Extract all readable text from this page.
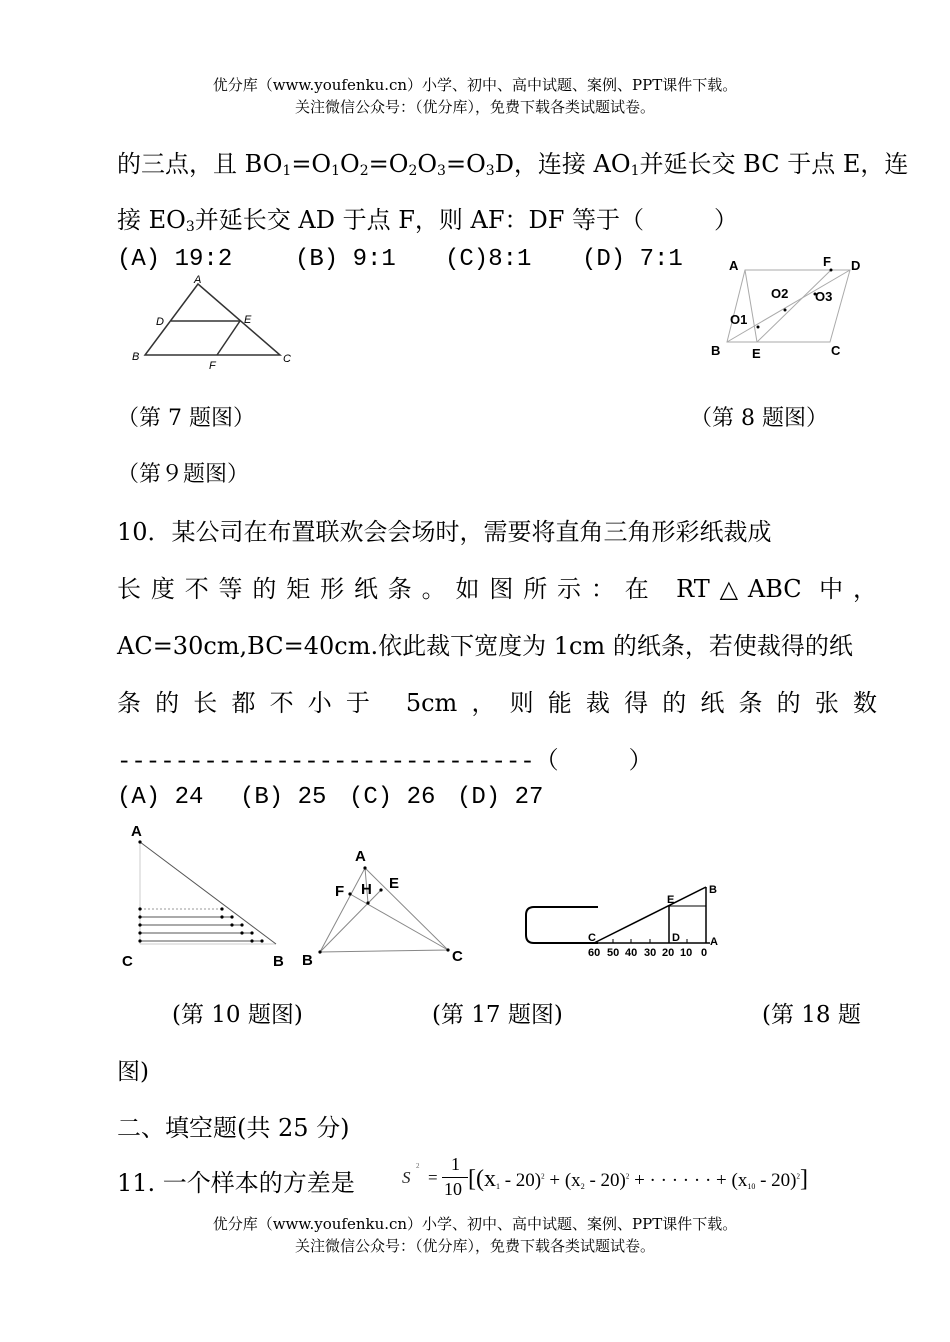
优分库（www.youfenku.cn）小学、初中、高中试题、案例、PPT课件下载。
关注微信公众号：（优分库），免费下载各类试题试卷。
的三点，且 $BO_1=O_1O_2=O_2O_3=O_3D$，连接 $AO_1$并延长交 BC 于点 E，连
接 $EO_3$并延长交 AD 于点 F，则 AF：DF 等于（	）
(A) 19:2	(B) 9:1 (C)8:1 (D) 7:1
A
D	E
B
F
C
A	F D
O2 O3
O1
B E	C
（第 7 题图）	（第 8 题图）
（第９题图）
10．某公司在布置联欢会会场时，需要将直角三角形彩纸裁成
长度不等的矩形纸条。如图所示：在 RT△ABC 中，
AC=30cm,BC=40cm.依此裁下宽度为 1cm 的纸条，若使裁得的纸
条的长都不小于 5cm，则能裁得的纸条的张数
-----------------------------（	）
(A) 24 (B) 25 (C) 26 (D) 27
A
C	B
A
F H E
B	C
E
B
C	D	A
60 50 40 30 20 10 0
(第 10 题图)	(第 17 题图)	(第 18 题
图)
二、填空题(共 25 分)
11. 一个样本的方差是	S
2
=
1
10 [$(x_1 - 20)^2 + (x_2 - 20)^2$ + · · · · · · + $(x_{10} - 20)^2$]
优分库（www.youfenku.cn）小学、初中、高中试题、案例、PPT课件下载。
关注微信公众号：（优分库），免费下载各类试题试卷。
